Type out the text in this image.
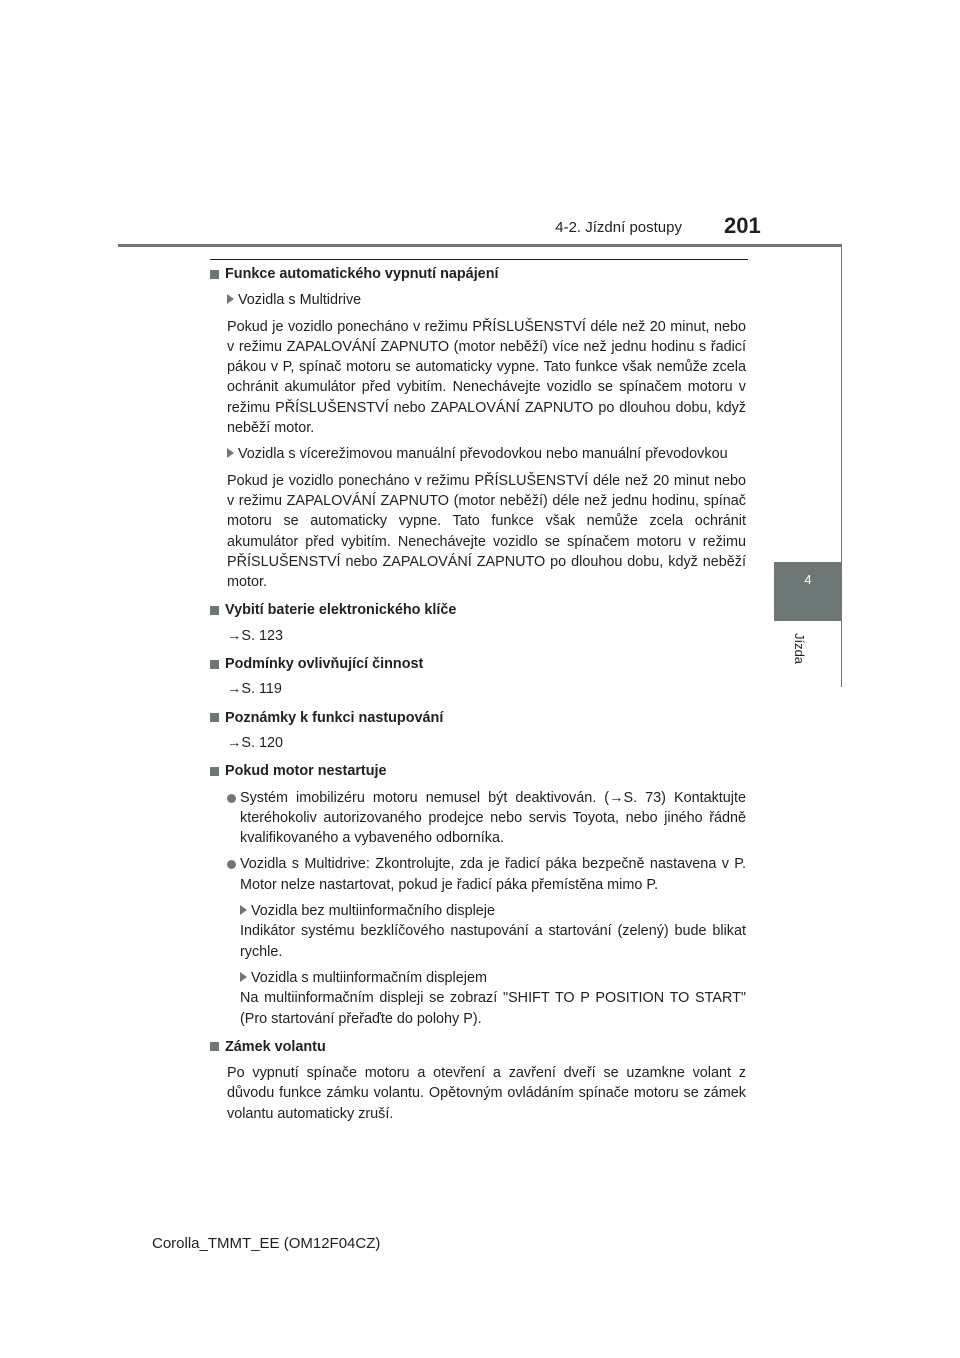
4-2. Jízdní postupy 201
4
Jízda
Funkce automatického vypnutí napájení
Vozidla s Multidrive
Pokud je vozidlo ponecháno v režimu PŘÍSLUŠENSTVÍ déle než 20 minut, nebo v režimu ZAPALOVÁNÍ ZAPNUTO (motor neběží) více než jednu hodinu s řadicí pákou v P, spínač motoru se automaticky vypne. Tato funkce však nemůže zcela ochránit akumulátor před vybitím. Nenechávejte vozidlo se spínačem motoru v režimu PŘÍSLUŠENSTVÍ nebo ZAPALOVÁNÍ ZAPNUTO po dlouhou dobu, když neběží motor.
Vozidla s vícerežimovou manuální převodovkou nebo manuální převodovkou
Pokud je vozidlo ponecháno v režimu PŘÍSLUŠENSTVÍ déle než 20 minut nebo v režimu ZAPALOVÁNÍ ZAPNUTO (motor neběží) déle než jednu hodinu, spínač motoru se automaticky vypne. Tato funkce však nemůže zcela ochránit akumulátor před vybitím. Nenechávejte vozidlo se spínačem motoru v režimu PŘÍSLUŠENSTVÍ nebo ZAPALOVÁNÍ ZAPNUTO po dlouhou dobu, když neběží motor.
Vybití baterie elektronického klíče
→S. 123
Podmínky ovlivňující činnost
→S. 119
Poznámky k funkci nastupování
→S. 120
Pokud motor nestartuje
Systém imobilizéru motoru nemusel být deaktivován. (→S. 73) Kontaktujte kteréhokoliv autorizovaného prodejce nebo servis Toyota, nebo jiného řádně kvalifikovaného a vybaveného odborníka.
Vozidla s Multidrive: Zkontrolujte, zda je řadicí páka bezpečně nastavena v P. Motor nelze nastartovat, pokud je řadicí páka přemístěna mimo P.
Vozidla bez multiinformačního displeje
Indikátor systému bezklíčového nastupování a startování (zelený) bude blikat rychle.
Vozidla s multiinformačním displejem
Na multiinformačním displeji se zobrazí "SHIFT TO P POSITION TO START" (Pro startování přeřaďte do polohy P).
Zámek volantu
Po vypnutí spínače motoru a otevření a zavření dveří se uzamkne volant z důvodu funkce zámku volantu. Opětovným ovládáním spínače motoru se zámek volantu automaticky zruší.
Corolla_TMMT_EE (OM12F04CZ)
